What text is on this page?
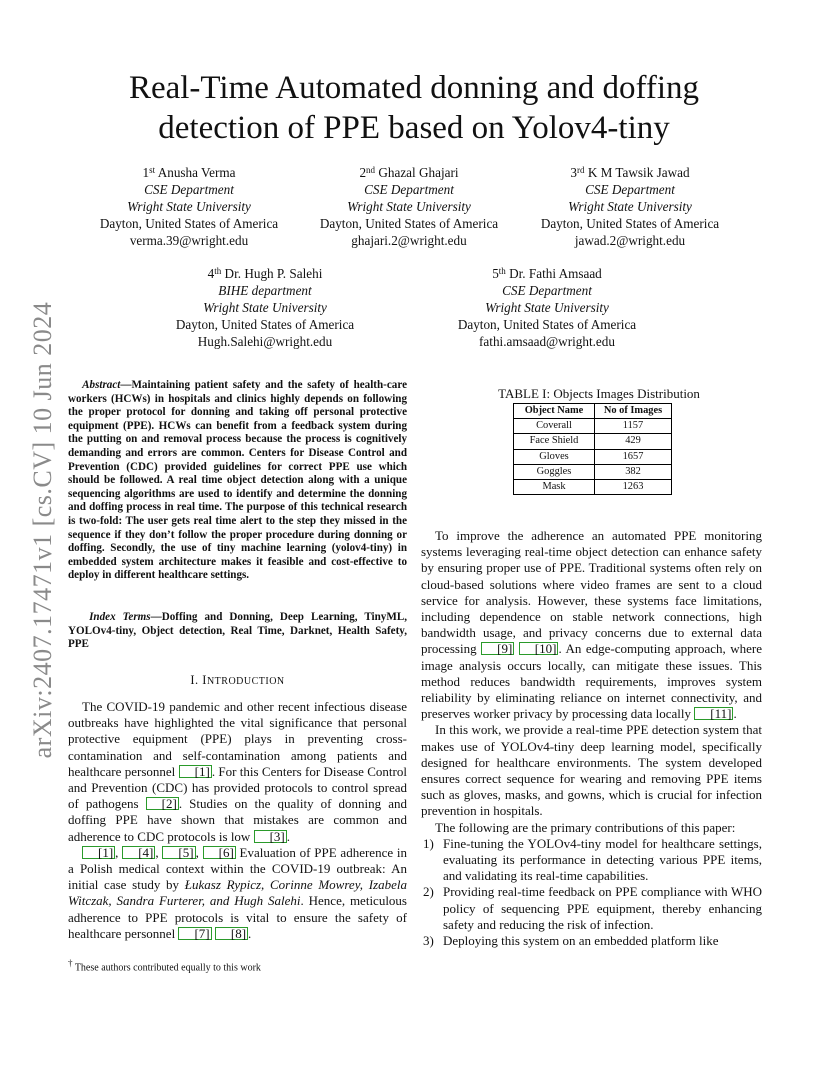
arXiv:2407.17471v1 [cs.CV] 10 Jun 2024
Real-Time Automated donning and doffing detection of PPE based on Yolov4-tiny
1st Anusha Verma
CSE Department
Wright State University
Dayton, United States of America
verma.39@wright.edu
2nd Ghazal Ghajari
CSE Department
Wright State University
Dayton, United States of America
ghajari.2@wright.edu
3rd K M Tawsik Jawad
CSE Department
Wright State University
Dayton, United States of America
jawad.2@wright.edu
4th Dr. Hugh P. Salehi
BIHE department
Wright State University
Dayton, United States of America
Hugh.Salehi@wright.edu
5th Dr. Fathi Amsaad
CSE Department
Wright State University
Dayton, United States of America
fathi.amsaad@wright.edu
Abstract—Maintaining patient safety and the safety of health-care workers (HCWs) in hospitals and clinics highly depends on following the proper protocol for donning and taking off personal protective equipment (PPE). HCWs can benefit from a feedback system during the putting on and removal process because the process is cognitively demanding and errors are common. Centers for Disease Control and Prevention (CDC) provided guidelines for correct PPE use which should be followed. A real time object detection along with a unique sequencing algorithms are used to identify and determine the donning and doffing process in real time. The purpose of this technical research is two-fold: The user gets real time alert to the step they missed in the sequence if they don’t follow the proper procedure during donning or doffing. Secondly, the use of tiny machine learning (yolov4-tiny) in embedded system architecture makes it feasible and cost-effective to deploy in different healthcare settings.
Index Terms—Doffing and Donning, Deep Learning, TinyML, YOLOv4-tiny, Object detection, Real Time, Darknet, Health Safety, PPE
I. INTRODUCTION

The COVID-19 pandemic and other recent infectious disease outbreaks have highlighted the vital significance that personal protective equipment (PPE) plays in preventing cross-contamination and self-contamination among patients and healthcare personnel [1] . For this Centers for Disease Control and Prevention (CDC) has provided protocols to control spread of pathogens [2] . Studies on the quality of donning and doffing PPE have shown that mistakes are common and adherence to CDC protocols is low [3] .

[1] , [4] , [5] , [6] Evaluation of PPE adherence in a Polish medical context within the COVID-19 outbreak: An initial case study by Łukasz Rypicz, Corinne Mowrey, Izabela Witczak, Sandra Furterer, and Hugh Salehi. Hence, meticulous adherence to PPE protocols is vital to ensure the safety of healthcare personnel [7] [8] .

† These authors contributed equally to this work
TABLE I: Objects Images Distribution
Object Name	No of Images
Coverall	1157
Face Shield	429
Gloves	1657
Goggles	382
Mask	1263

To improve the adherence an automated PPE monitoring systems leveraging real-time object detection can enhance safety by ensuring proper use of PPE. Traditional systems often rely on cloud-based solutions where video frames are sent to a cloud service for analysis. However, these systems face limitations, including dependence on stable network connections, high bandwidth usage, and privacy concerns due to external data processing [9] [10] . An edge-computing approach, where image analysis occurs locally, can mitigate these issues. This method reduces bandwidth requirements, improves system reliability by eliminating reliance on internet connectivity, and preserves worker privacy by processing data locally [11] .

In this work, we provide a real-time PPE detection system that makes use of YOLOv4-tiny deep learning model, specifically designed for healthcare environments. The system developed ensures correct sequence for wearing and removing PPE items such as gloves, masks, and gowns, which is crucial for infection prevention in hospitals.

The following are the primary contributions of this paper:

1) Fine-tuning the YOLOv4-tiny model for healthcare settings, evaluating its performance in detecting various PPE items, and validating its real-time capabilities.
2) Providing real-time feedback on PPE compliance with WHO policy of sequencing PPE equipment, thereby enhancing safety and reducing the risk of infection.
3) Deploying this system on an embedded platform like
